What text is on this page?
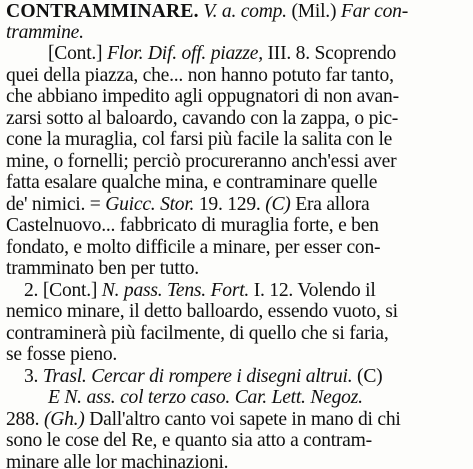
CONTRAMMINARE. V. a. comp. (Mil.) Far con-
trammine.
[Cont.] Flor. Dif. off. piazze, III. 8. Scoprendo
quei della piazza, che... non hanno potuto far tanto,
che abbiano impedito agli oppugnatori di non avan-
zarsi sotto al baloardo, cavando con la zappa, o pic-
cone la muraglia, col farsi più facile la salita con le
mine, o fornelli; perciò procureranno anch'essi aver
fatta esalare qualche mina, e contraminare quelle
de' nimici. = Guicc. Stor. 19. 129. (C) Era allora
Castelnuovo... fabbricato di muraglia forte, e ben
fondato, e molto difficile a minare, per esser con-
tramminato ben per tutto.
2. [Cont.] N. pass. Tens. Fort. I. 12. Volendo il
nemico minare, il detto balloardo, essendo vuoto, si
contraminerà più facilmente, di quello che si faria,
se fosse pieno.
3. Trasl. Cercar di rompere i disegni altrui. (C)
E N. ass. col terzo caso. Car. Lett. Negoz.
288. (Gh.) Dall'altro canto voi sapete in mano di chi
sono le cose del Re, e quanto sia atto a contram-
minare alle lor machinazioni.
